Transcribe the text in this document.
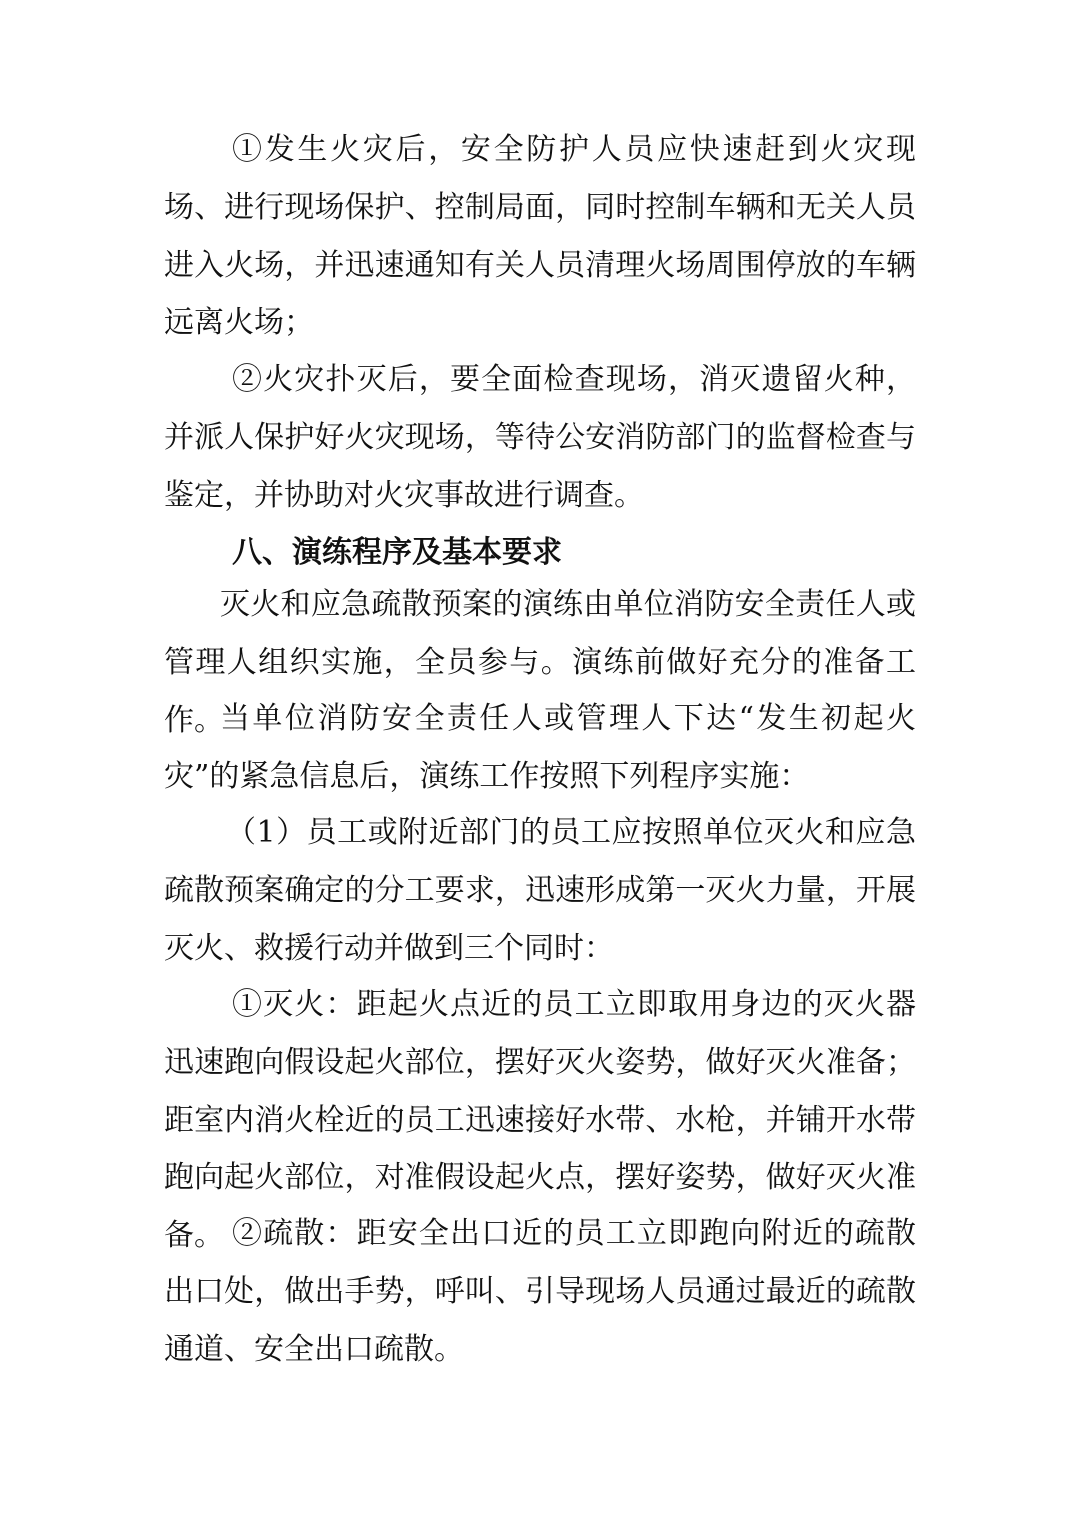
①发生火灾后，安全防护人员应快速赶到火灾现场、进行现场保护、控制局面，同时控制车辆和无关人员进入火场，并迅速通知有关人员清理火场周围停放的车辆远离火场；

②火灾扑灭后，要全面检查现场，消灭遗留火种，并派人保护好火灾现场，等待公安消防部门的监督检查与鉴定，并协助对火灾事故进行调查。

八、演练程序及基本要求

灭火和应急疏散预案的演练由单位消防安全责任人或管理人组织实施，全员参与。演练前做好充分的准备工作。

当单位消防安全责任人或管理人下达“发生初起火灾”的紧急信息后，演练工作按照下列程序实施：

（1）员工或附近部门的员工应按照单位灭火和应急疏散预案确定的分工要求，迅速形成第一灭火力量，开展灭火、救援行动并做到三个同时：

①灭火：距起火点近的员工立即取用身边的灭火器迅速跑向假设起火部位，摆好灭火姿势，做好灭火准备；距室内消火栓近的员工迅速接好水带、水枪，并铺开水带跑向起火部位，对准假设起火点，摆好姿势，做好灭火准备。 ②疏散：距安全出口近的员工立即跑向附近的疏散出口处，做出手势，呼叫、引导现场人员通过最近的疏散通道、安全出口疏散。
